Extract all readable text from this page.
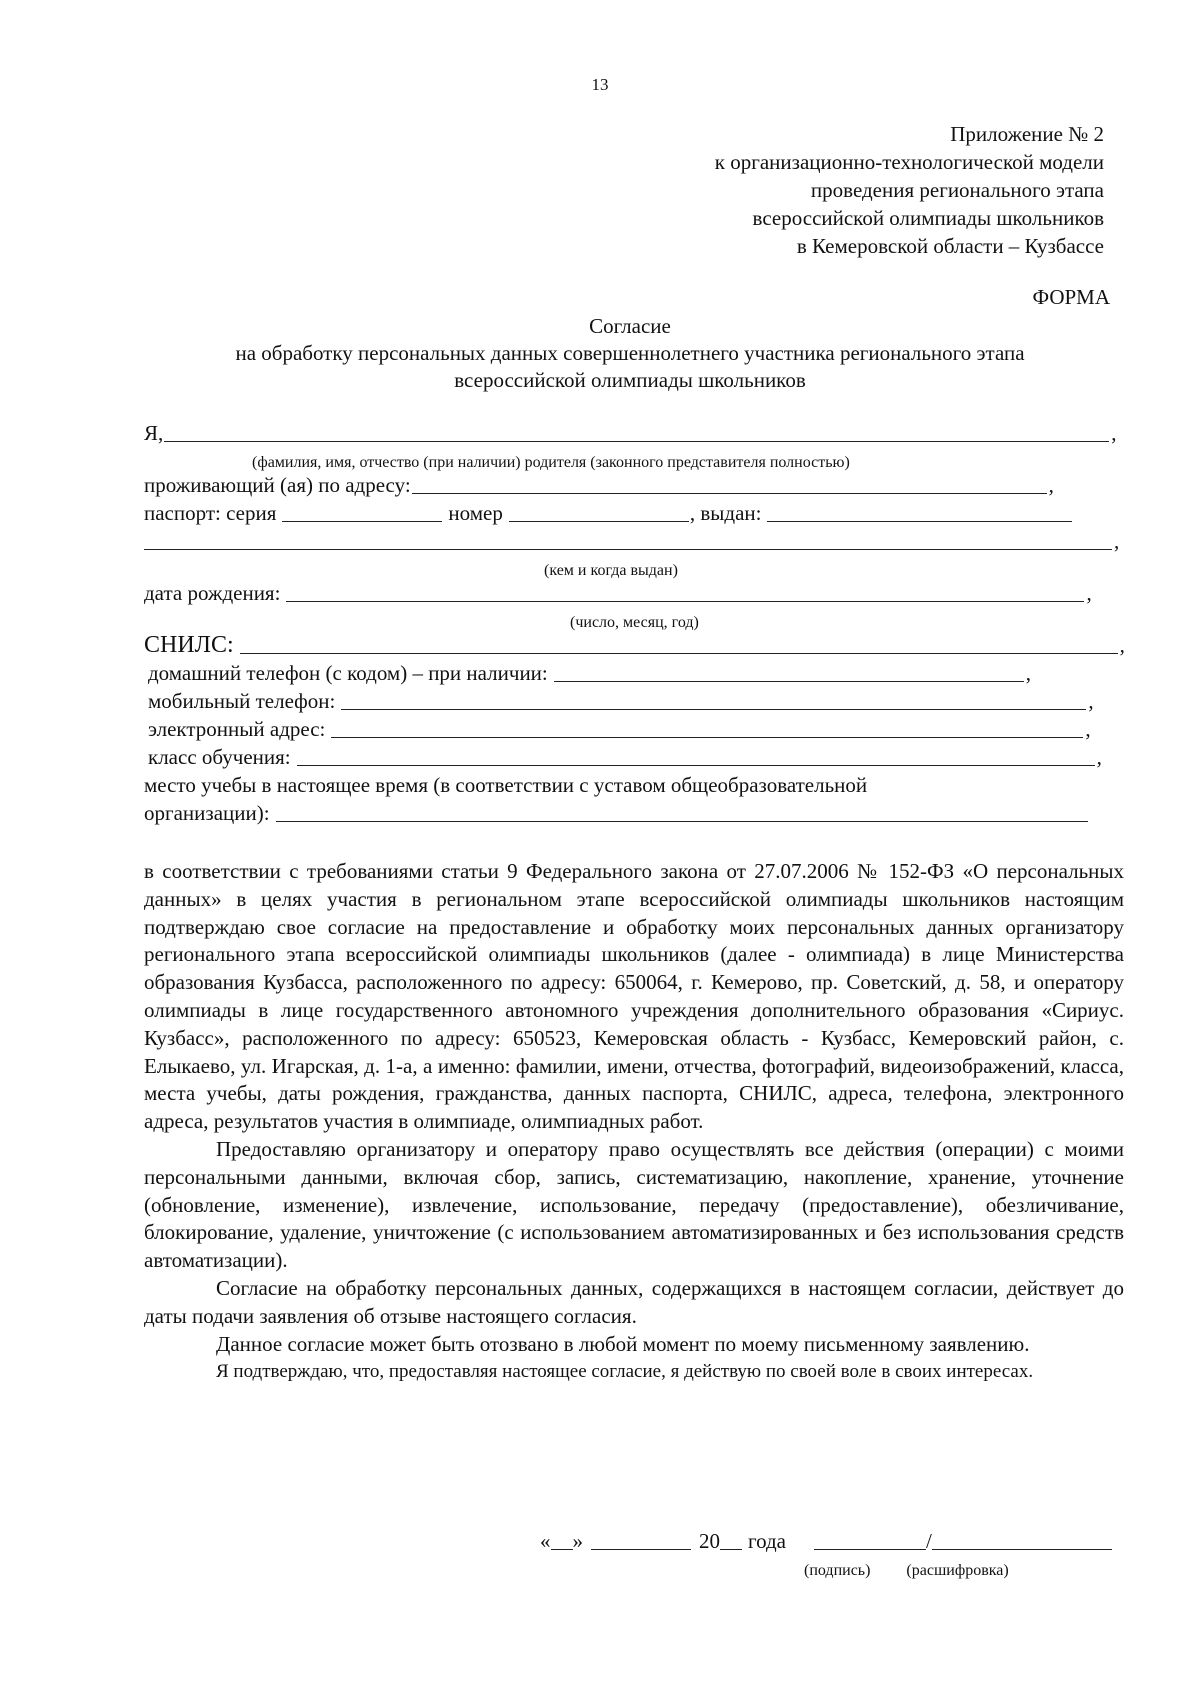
13
Приложение № 2
к организационно-технологической модели
проведения регионального этапа
всероссийской олимпиады школьников
в Кемеровской области – Кузбассе
ФОРМА
Согласие
на обработку персональных данных совершеннолетнего участника регионального этапа
всероссийской олимпиады школьников
Я,	,
(фамилия, имя, отчество (при наличии) родителя (законного представителя полностью)
проживающий (ая) по адресу:	,
паспорт: серия	номер	, выдан:
,
(кем и когда выдан)
дата рождения:	,
(число, месяц, год)
СНИЛС:	,
домашний телефон (с кодом) – при наличии:	,
мобильный телефон:	,
электронный адрес:	,
класс обучения:	,
место учебы в настоящее время (в соответствии с уставом общеобразовательной
организации):

в соответствии с требованиями статьи 9 Федерального закона от 27.07.2006 № 152-ФЗ «О персональных данных» в целях участия в региональном этапе всероссийской олимпиады школьников настоящим подтверждаю свое согласие на предоставление и обработку моих персональных данных организатору регионального этапа всероссийской олимпиады школьников (далее - олимпиада) в лице Министерства образования Кузбасса, расположенного по адресу: 650064, г. Кемерово, пр. Советский, д. 58, и оператору олимпиады в лице государственного автономного учреждения дополнительного образования «Сириус. Кузбасс», расположенного по адресу: 650523, Кемеровская область - Кузбасс, Кемеровский район, с. Елыкаево, ул. Игарская, д. 1-а, а именно: фамилии, имени, отчества, фотографий, видеоизображений, класса, места учебы, даты рождения, гражданства, данных паспорта, СНИЛС, адреса, телефона, электронного адреса, результатов участия в олимпиаде, олимпиадных работ.

Предоставляю организатору и оператору право осуществлять все действия (операции) с моими персональными данными, включая сбор, запись, систематизацию, накопление, хранение, уточнение (обновление, изменение), извлечение, использование, передачу (предоставление), обезличивание, блокирование, удаление, уничтожение (с использованием автоматизированных и без использования средств автоматизации).

Согласие на обработку персональных данных, содержащихся в настоящем согласии, действует до даты подачи заявления об отзыве настоящего согласия.

Данное согласие может быть отозвано в любой момент по моему письменному заявлению.

Я подтверждаю, что, предоставляя настоящее согласие, я действую по своей воле в своих интересах.

« »	20 года	/
(подпись) (расшифровка)
